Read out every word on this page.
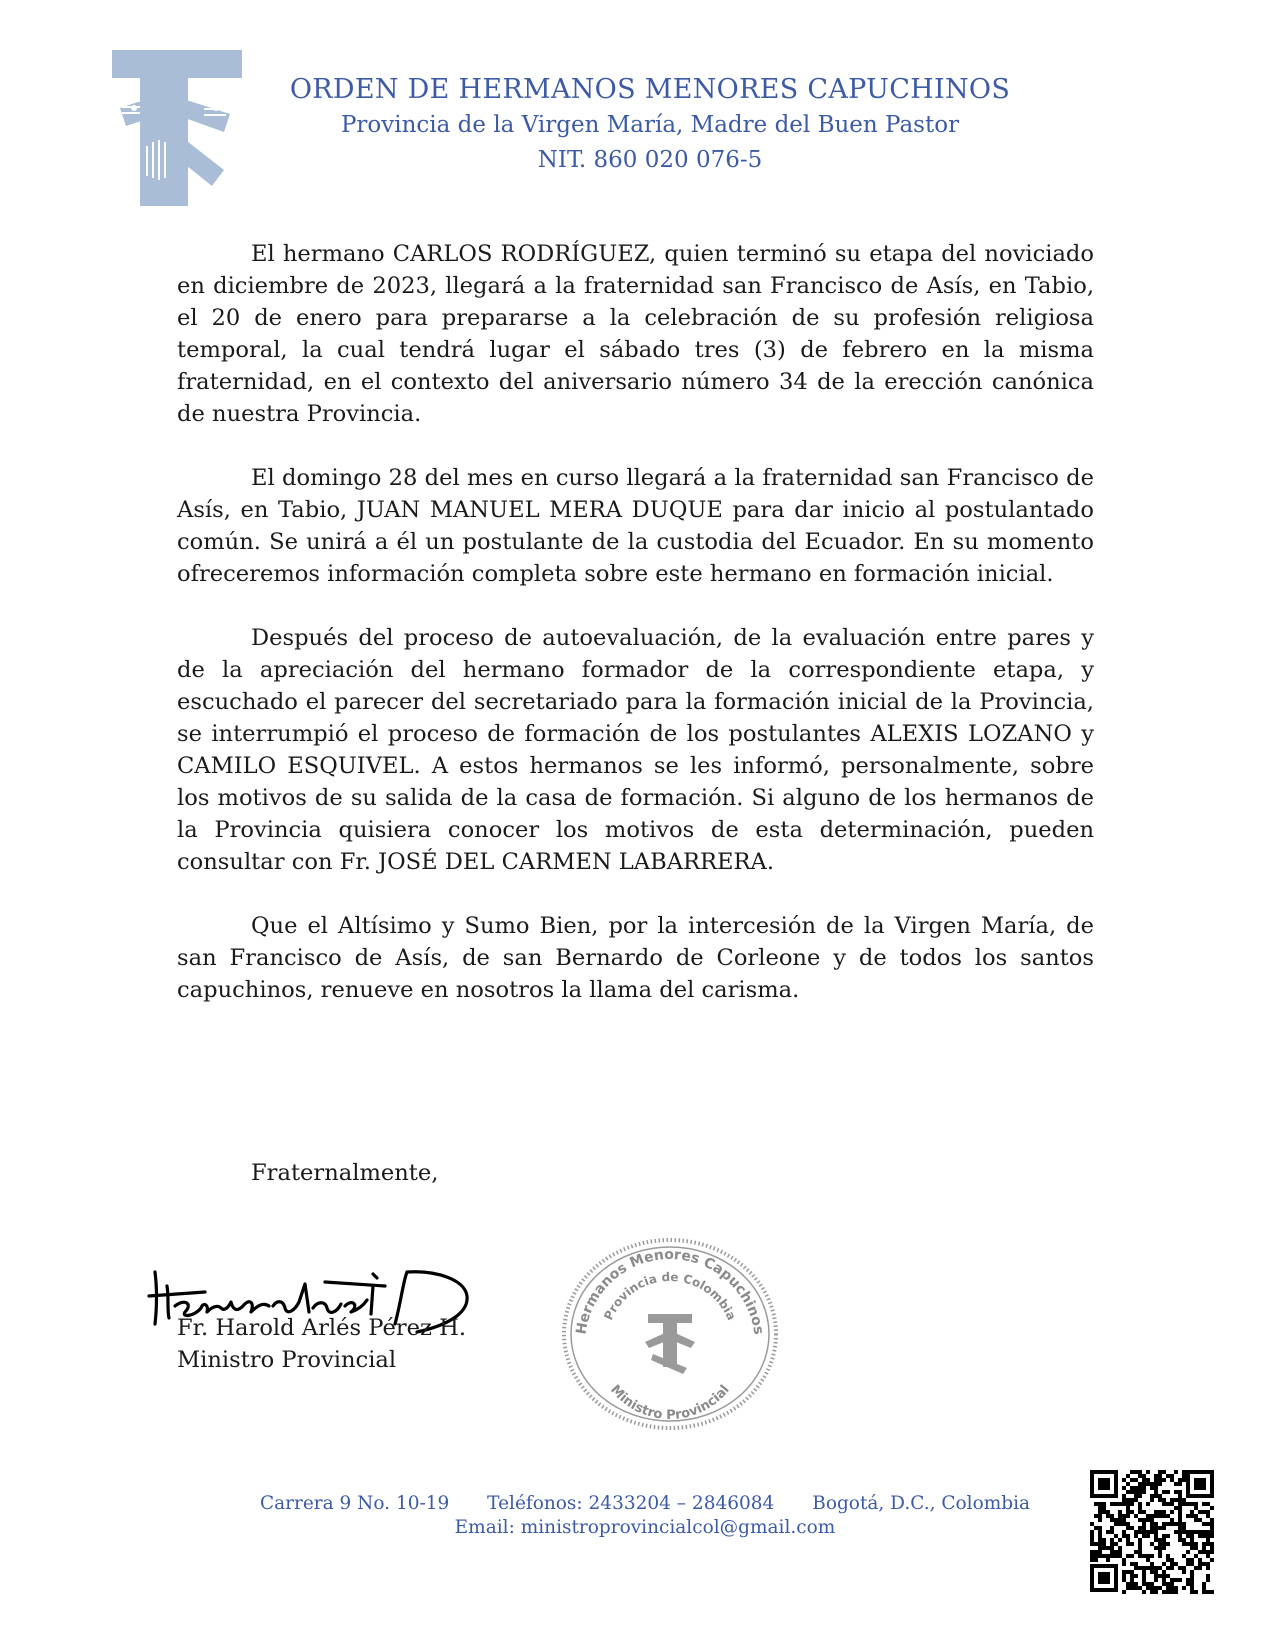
ORDEN DE HERMANOS MENORES CAPUCHINOS
Provincia de la Virgen María, Madre del Buen Pastor
NIT. 860 020 076-5

El hermano CARLOS RODRÍGUEZ, quien terminó su etapa del noviciado en diciembre de 2023, llegará a la fraternidad san Francisco de Asís, en Tabio, el 20 de enero para prepararse a la celebración de su profesión religiosa temporal, la cual tendrá lugar el sábado tres (3) de febrero en la misma fraternidad, en el contexto del aniversario número 34 de la erección canónica de nuestra Provincia.

El domingo 28 del mes en curso llegará a la fraternidad san Francisco de Asís, en Tabio, JUAN MANUEL MERA DUQUE para dar inicio al postulantado común. Se unirá a él un postulante de la custodia del Ecuador. En su momento ofreceremos información completa sobre este hermano en formación inicial.

Después del proceso de autoevaluación, de la evaluación entre pares y de la apreciación del hermano formador de la correspondiente etapa, y escuchado el parecer del secretariado para la formación inicial de la Provincia, se interrumpió el proceso de formación de los postulantes ALEXIS LOZANO y CAMILO ESQUIVEL. A estos hermanos se les informó, personalmente, sobre los motivos de su salida de la casa de formación. Si alguno de los hermanos de la Provincia quisiera conocer los motivos de esta determinación, pueden consultar con Fr. JOSÉ DEL CARMEN LABARRERA.

Que el Altísimo y Sumo Bien, por la intercesión de la Virgen María, de san Francisco de Asís, de san Bernardo de Corleone y de todos los santos capuchinos, renueve en nosotros la llama del carisma.

Fraternalmente,
Fr. Harold Arlés Pérez H.
Ministro Provincial
Hermanos Menores Capuchinos
Provincia de Colombia
Ministro Provincial
Carrera 9 No. 10-19 Teléfonos: 2433204 – 2846084 Bogotá, D.C., Colombia
Email: ministroprovincialcol@gmail.com
